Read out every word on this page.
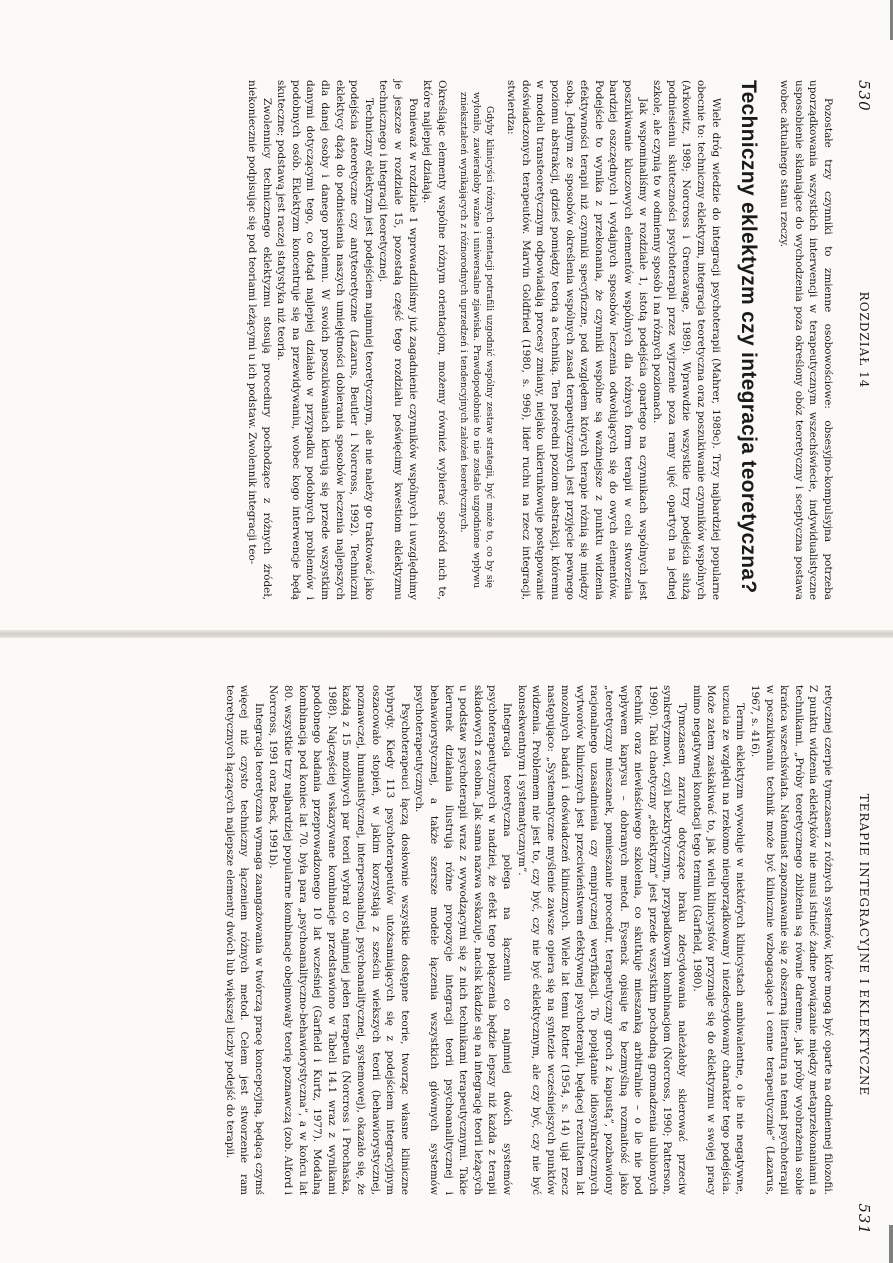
530
ROZDZIAŁ 14

Pozostałe trzy czynniki to zmienne osobowościowe: obsesyjno-kompulsyjna potrzeba uporządkowania wszystkich interwencji w terapeutycznym wszechświecie, indywidualistyczne usposobienie skłaniające do wychodzenia poza określony obóz teoretyczny i sceptyczna postawa wobec aktualnego stanu rzeczy.

Techniczny eklektyzm czy integracja teoretyczna?

Wiele dróg wiedzie do integracji psychoterapii (Mahrer, 1989c). Trzy najbardziej popularne obecnie to: techniczny eklektyzm, integracja teoretyczna oraz poszukiwanie czynników wspólnych (Arkowitz, 1989; Norcross i Grencavage, 1989). Wprawdzie wszystkie trzy podejścia służą podniesieniu skuteczności psychoterapii przez wyjrzenie poza ramy ujęć opartych na jednej szkole, ale czynią to w odmienny sposób i na różnych poziomach.

Jak wspominaliśmy w rozdziale 1, istotą podejścia opartego na czynnikach wspólnych jest poszukiwanie kluczowych elementów wspólnych dla różnych form terapii w celu stworzenia bardziej oszczędnych i wydajnych sposobów leczenia odwołujących się do owych elementów. Podejście to wynika z przekonania, że czynniki wspólne są ważniejsze z punktu widzenia efektywności terapii niż czynniki specyficzne, pod względem których terapie różnią się między sobą. Jednym ze sposobów określenia wspólnych zasad terapeutycznych jest przyjęcie pewnego poziomu abstrakcji, gdzieś pomiędzy teorią a techniką. Ten pośredni poziom abstrakcji, któremu w modelu transteoretycznym odpowiadają procesy zmiany, niejako ukierunkowuje postępowanie doświadczonych terapeutów. Marvin Goldfried (1980, s. 996), lider ruchu na rzecz integracji, stwierdza:

Gdyby klinicyści różnych orientacji potrafili uzgodnić wspólny zestaw strategii, być może to, co by się wyłoniło, zawierałoby ważne i uniwersalne zjawiska. Prawdopodobnie to nie zostało uzgodnione wpływu zniekształceń wynikających z różnorodnych uprzedzeń i tendencyjnych założeń teoretycznych.

Określając elementy wspólne różnym orientacjom, możemy również wybierać spośród nich te, które najlepiej działają.

Ponieważ w rozdziale 1 wprowadziliśmy już zagadnienie czynników wspólnych i uwzględnimy je jeszcze w rozdziale 15, pozostałą część tego rozdziału poświęcimy kwestiom eklektyzmu technicznego i integracji teoretycznej.

Techniczny eklektyzm jest podejściem najmniej teoretycznym, ale nie należy go traktować jako podejścia ateoretyczne czy antyteoretyczne (Lazarus, Beutler i Norcross, 1992). Techniczni eklektycy dążą do podniesienia naszych umiejętności dobierania sposobów leczenia najlepszych dla danej osoby i danego problemu. W swoich poszukiwaniach kierują się przede wszystkim danymi dotyczącymi tego, co dotąd najlepiej działało w przypadku podobnych problemów i podobnych osób. Eklektyzm koncentruje się na przewidywaniu, wobec kogo interwencje będą skuteczne; podstawą jest raczej statystyka niż teoria.

Zwolennicy technicznego eklektyzmu stosują procedury pochodzące z różnych źródeł, niekoniecznie podpisując się pod teoriami leżącymi u ich podstaw. Zwolennik integracji teo-

TERAPIE INTEGRACYJNE I EKLEKTYCZNE
531

retycznej czerpie tymczasem z różnych systemów, które mogą być oparte na odmiennej filozofii. Z punktu widzenia eklektyków nie musi istnieć żadne powiązanie między metaprzekonaniami a technikami. „Próby teoretycznego zbliżenia są równie daremne, jak próby wyobrażenia sobie krańca wszechświata. Natomiast zapoznawanie się z obszerną literaturą na temat psychoterapii w poszukiwaniu technik może być klinicznie wzbogacające i cenne terapeutycznie” (Lazarus, 1967, s. 416).

Termin eklektyzm wywołuje w niektórych klinicystach ambiwalentne, o ile nie negatywne, uczucia ze względu na rzekomo nieuporządkowany i niezdecydowany charakter tego podejścia. Może zatem zaskakiwać to, jak wielu klinicystów przyznaje się do eklektyzmu w swojej pracy mimo negatywnej konotacji tego terminu (Garfield, 1980).

Tymczasem zarzuty dotyczące braku zdecydowania należałoby skierować przeciw synkretyzmowi, czyli bezkrytycznym, przypadkowym kombinacjom (Norcross, 1990; Patterson, 1990). Taki chaotyczny „eklektyzm” jest przede wszystkim pochodną gromadzenia ulubionych technik oraz niewłaściwego szkolenia, co skutkuje mieszanką arbitralnie – o ile nie pod wpływem kaprysu – dobranych metod. Eysenck opisuje tę bezmyślną rozmaitość jako „teoretyczny mieszanek, pomieszanie procedur, terapeutyczny groch z kapustą”, pozbawiony racjonalnego uzasadnienia czy empirycznej weryfikacji. To popłątanie idiosynkratycznych wytworów klinicznych jest przeciwieństwem efektywnej psychoterapii, będącej rezultatem lat mozolnych badań i doświadczeń klinicznych. Wiele lat temu Rotter (1954, s. 14) ujął rzecz następująco: „Systematyczne myślenie zawsze opiera się na syntezie wcześniejszych punktów widzenia. Problemem nie jest to, czy być, czy nie być eklektycznym, ale czy być, czy nie być konsekwentnym i systematycznym”.

Integracja teoretyczna polega na łączeniu co najmniej dwóch systemów psychoterapeutycznych w nadziei, że efekt tego połączenia będzie lepszy niż każda z terapii składowych z osobna. Jak sama nazwa wskazuje, nacisk kładzie się na integrację teorii leżących u podstaw psychoterapii wraz z wywodzącymi się z nich technikami terapeutycznymi. Takie kierunek działania ilustrują różne propozycje integracji teorii psychoanalitycznej i behawiorystycznej, a także szersze modele łączenia wszystkich głównych systemów psychoterapeutycznych.

Psychoterapeuci łączą dosłownie wszystkie dostępne teorie, tworząc własne kliniczne hybrydy. Kiedy 113 psychoterapeutów utożsamiających się z podejściem integracyjnym oszacowało stopień, w jakim korzystają z sześciu wiekszych teorii (behawiorystycznej, poznawczej, humanistycznej, interpersonalnej, psychoanalitycznej, systemowej), okazało się, że każdą z 15 możliwych par teorii wybrał co najmniej jeden terapeuta (Norcross i Prochaska, 1988). Najczęściej wskazywane kombinacje przedstawiono w Tabeli 14.1 wraz z wynikami podobnego badania przeprowadzonego 10 lat wcześniej (Garfield i Kurtz, 1977). Modalną kombinacją pod koniec lat 70. była para „psychoanalityczno-behawiorystyczna”, a w końcu lat 80. wszystkie trzy najbardziej popularne kombinacje obejmowały teorię poznawczą (zob. Alford i Norcross, 1991 oraz Beck, 1991b).

Integracja teoretyczna wymaga zaangażowania w twórczą pracę koncepcyjną, będącą czymś więcej niż czysto techniczny łączeniem różnych metod. Celem jest stworzenie ram teoretycznych łączących najlepsze elementy dwóch lub większej liczby podejść do terapii.
